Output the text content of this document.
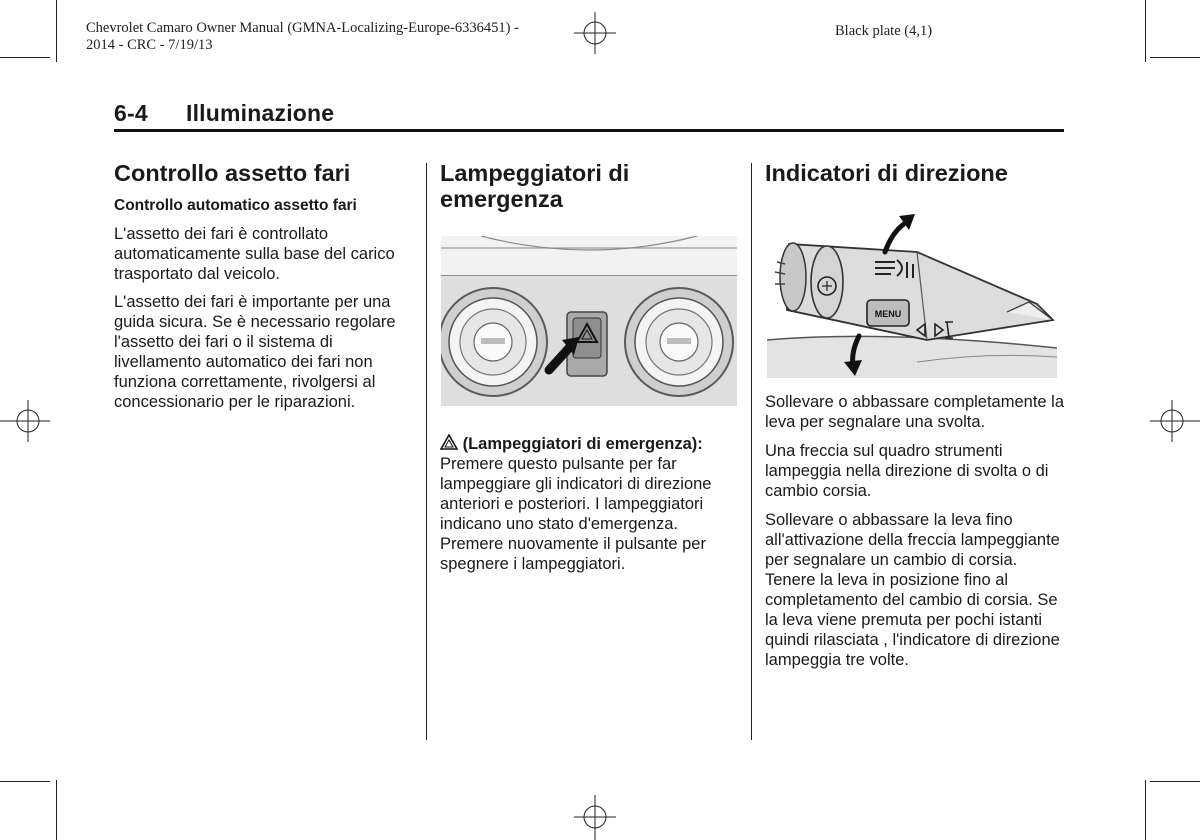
Chevrolet Camaro Owner Manual (GMNA-Localizing-Europe-6336451) -
2014 - CRC - 7/19/13
Black plate (4,1)
6-4 Illuminazione
Controllo assetto fari
Controllo automatico assetto fari

L'assetto dei fari è controllato automaticamente sulla base del carico trasportato dal veicolo.

L'assetto dei fari è importante per una guida sicura. Se è necessario regolare l'assetto dei fari o il sistema di livellamento automatico dei fari non funziona correttamente, rivolgersi al concessionario per le riparazioni.

Lampeggiatori di emergenza

(Lampeggiatori di emergenza):  Premere questo pulsante per far lampeggiare gli indicatori di direzione anteriori e posteriori. I lampeggiatori indicano uno stato d'emergenza. Premere nuovamente il pulsante per spegnere i lampeggiatori.

Indicatori di direzione
MENU

Sollevare o abbassare completamente la leva per segnalare una svolta.

Una freccia sul quadro strumenti lampeggia nella direzione di svolta o di cambio corsia.

Sollevare o abbassare la leva fino all'attivazione della freccia lampeggiante per segnalare un cambio di corsia. Tenere la leva in posizione fino al completamento del cambio di corsia. Se la leva viene premuta per pochi istanti quindi rilasciata , l'indicatore di direzione lampeggia tre volte.
